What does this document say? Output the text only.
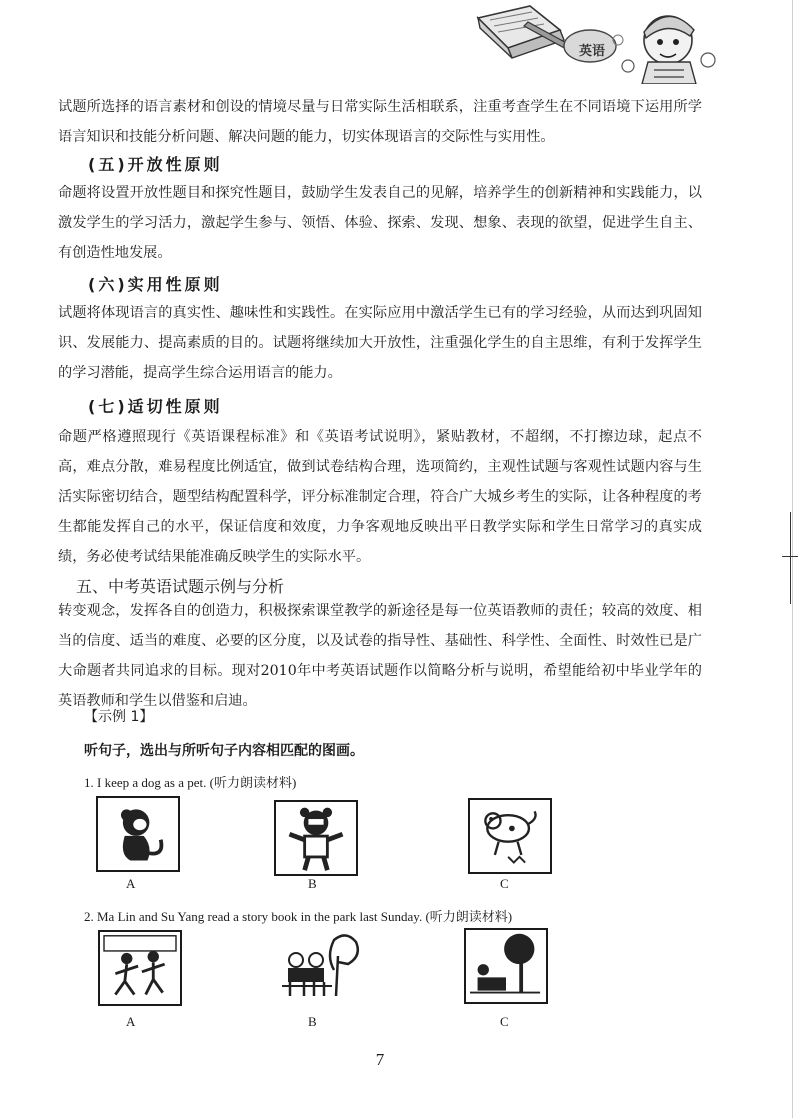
英语

试题所选择的语言素材和创设的情境尽量与日常实际生活相联系，注重考查学生在不同语境下运用所学语言知识和技能分析问题、解决问题的能力，切实体现语言的交际性与实用性。

(五)开放性原则

命题将设置开放性题目和探究性题目，鼓励学生发表自己的见解，培养学生的创新精神和实践能力，以激发学生的学习活力，激起学生参与、领悟、体验、探索、发现、想象、表现的欲望，促进学生自主、有创造性地发展。

(六)实用性原则

试题将体现语言的真实性、趣味性和实践性。在实际应用中激活学生已有的学习经验，从而达到巩固知识、发展能力、提高素质的目的。试题将继续加大开放性，注重强化学生的自主思维，有利于发挥学生的学习潜能，提高学生综合运用语言的能力。

(七)适切性原则

命题严格遵照现行《英语课程标准》和《英语考试说明》，紧贴教材，不超纲，不打擦边球，起点不高，难点分散，难易程度比例适宜，做到试卷结构合理，选项简约，主观性试题与客观性试题内容与生活实际密切结合，题型结构配置科学，评分标准制定合理，符合广大城乡考生的实际，让各种程度的考生都能发挥自己的水平，保证信度和效度，力争客观地反映出平日教学实际和学生日常学习的真实成绩，务必使考试结果能准确反映学生的实际水平。

五、中考英语试题示例与分析

转变观念，发挥各自的创造力，积极探索课堂教学的新途径是每一位英语教师的责任；较高的效度、相当的信度、适当的难度、必要的区分度，以及试卷的指导性、基础性、科学性、全面性、时效性已是广大命题者共同追求的目标。现对2010年中考英语试题作以简略分析与说明，希望能给初中毕业学年的英语教师和学生以借鉴和启迪。

【示例 1】
听句子，选出与所听句子内容相匹配的图画。
1. I keep a dog as a pet. (听力朗读材料)
A	B	C
2. Ma Lin and Su Yang read a story book in the park last Sunday. (听力朗读材料)
A	B	C
7
